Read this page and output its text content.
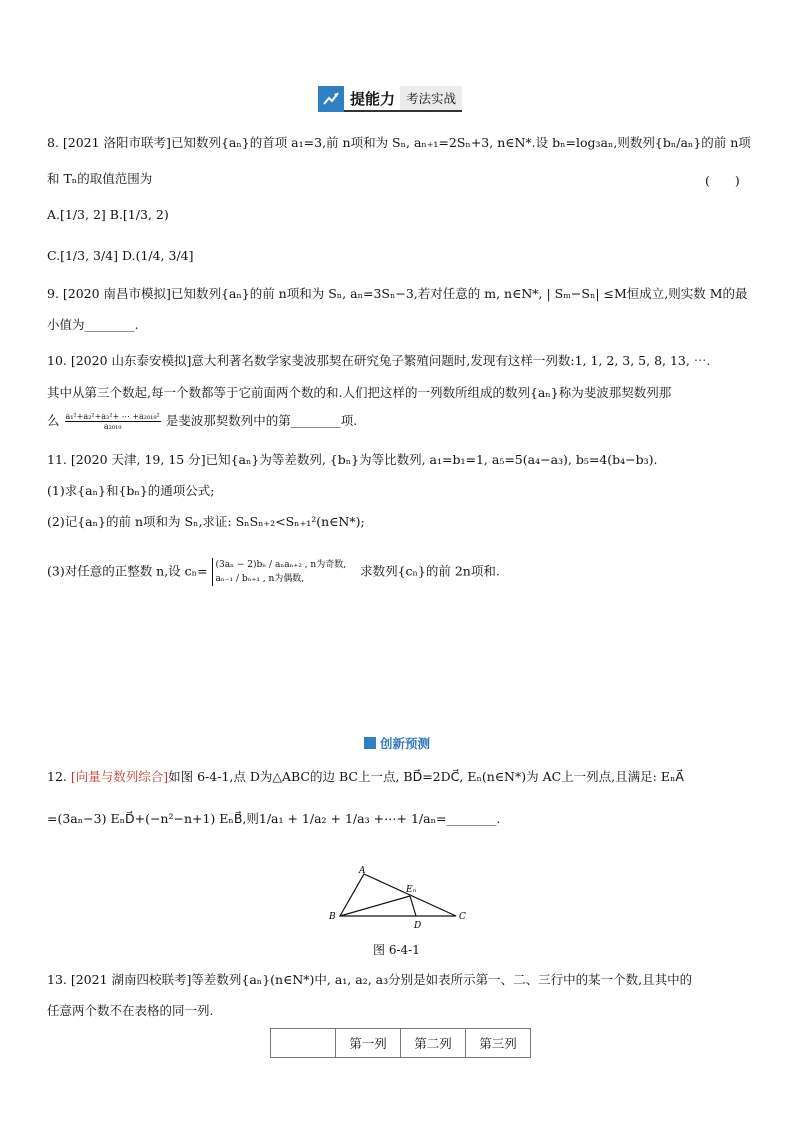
提能力 考法实战
8. [2021 洛阳市联考]已知数列{aₙ}的首项 a₁=3,前 n项和为 Sₙ, aₙ₊₁=2Sₙ+3, n∈N*.设 bₙ=log₃aₙ,则数列{bₙ/aₙ}的前 n项
和 Tₙ的取值范围为	(　　)
A.[1/3, 2] B.[1/3, 2)
C.[1/3, 3/4] D.(1/4, 3/4]
9. [2020 南昌市模拟]已知数列{aₙ}的前 n项和为 Sₙ, aₙ=3Sₙ−3,若对任意的 m, n∈N*, | Sₘ−Sₙ| ≤M恒成立,则实数 M的最
小值为________.
10. [2020 山东泰安模拟]意大利著名数学家斐波那契在研究兔子繁殖问题时,发现有这样一列数:1, 1, 2, 3, 5, 8, 13, ⋯.
其中从第三个数起,每一个数都等于它前面两个数的和.人们把这样的一列数所组成的数列{aₙ}称为斐波那契数列那
么 $\frac{\text{a₁²+a₂²+a₃²+ ⋯ +a₂₀₁₉²}}{\text{a₂₀₁₉}}$ 是斐波那契数列中的第________项.
11. [2020 天津, 19, 15 分]已知{aₙ}为等差数列, {bₙ}为等比数列, a₁=b₁=1, a₅=5(a₄−a₃), b₅=4(b₄−b₃).
(1)求{aₙ}和{bₙ}的通项公式;
(2)记{aₙ}的前 n项和为 Sₙ,求证: SₙSₙ₊₂<Sₙ₊₁²(n∈N*);
(3)对任意的正整数 n,设 cₙ= (3aₙ − 2)bₙ / aₙaₙ₊₂ , n为奇数,
aₙ₋₁ / bₙ₊₁ , n为偶数,
求数列{cₙ}的前 2n项和.
创新预测
12. [向量与数列综合]如图 6-4-1,点 D为△ABC的边 BC上一点, BD⃗=2DC⃗, Eₙ(n∈N*)为 AC上一列点,且满足: EₙA⃗
=(3aₙ−3) EₙD⃗+(−n²−n+1) EₙB⃗,则1/a₁ + 1/a₂ + 1/a₃ +⋯+ 1/aₙ=________.
A
B	C
D
Eₙ
图 6-4-1
13. [2021 湖南四校联考]等差数列{aₙ}(n∈N*)中, a₁, a₂, a₃分别是如表所示第一、二、三行中的某一个数,且其中的
任意两个数不在表格的同一列.
	第一列	第二列	第三列
